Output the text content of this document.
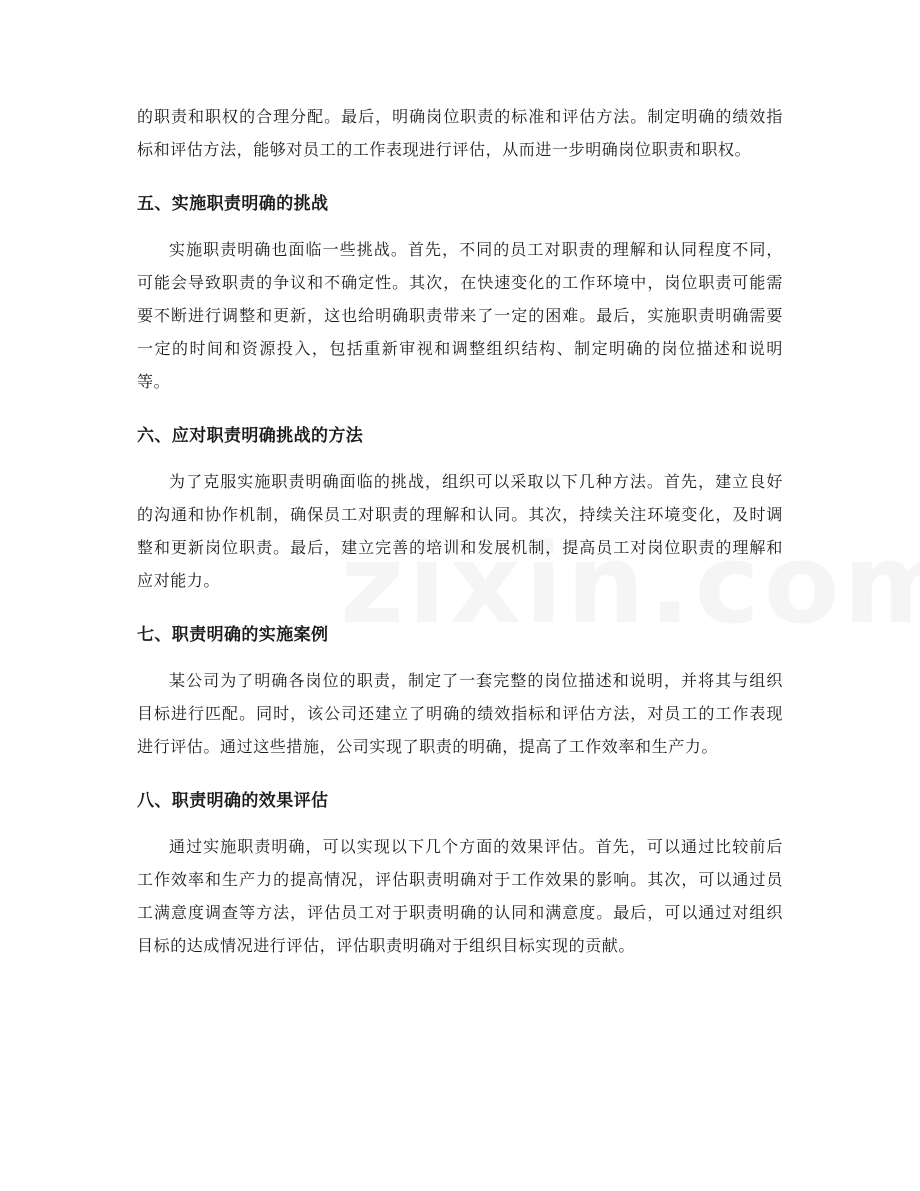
的职责和职权的合理分配。最后，明确岗位职责的标准和评估方法。制定明确的绩效指标和评估方法，能够对员工的工作表现进行评估，从而进一步明确岗位职责和职权。

五、实施职责明确的挑战

实施职责明确也面临一些挑战。首先，不同的员工对职责的理解和认同程度不同，可能会导致职责的争议和不确定性。其次，在快速变化的工作环境中，岗位职责可能需要不断进行调整和更新，这也给明确职责带来了一定的困难。最后，实施职责明确需要一定的时间和资源投入，包括重新审视和调整组织结构、制定明确的岗位描述和说明等。

六、应对职责明确挑战的方法

为了克服实施职责明确面临的挑战，组织可以采取以下几种方法。首先，建立良好的沟通和协作机制，确保员工对职责的理解和认同。其次，持续关注环境变化，及时调整和更新岗位职责。最后，建立完善的培训和发展机制，提高员工对岗位职责的理解和应对能力。

七、职责明确的实施案例

某公司为了明确各岗位的职责，制定了一套完整的岗位描述和说明，并将其与组织目标进行匹配。同时，该公司还建立了明确的绩效指标和评估方法，对员工的工作表现进行评估。通过这些措施，公司实现了职责的明确，提高了工作效率和生产力。

八、职责明确的效果评估

通过实施职责明确，可以实现以下几个方面的效果评估。首先，可以通过比较前后工作效率和生产力的提高情况，评估职责明确对于工作效果的影响。其次，可以通过员工满意度调查等方法，评估员工对于职责明确的认同和满意度。最后，可以通过对组织目标的达成情况进行评估，评估职责明确对于组织目标实现的贡献。
